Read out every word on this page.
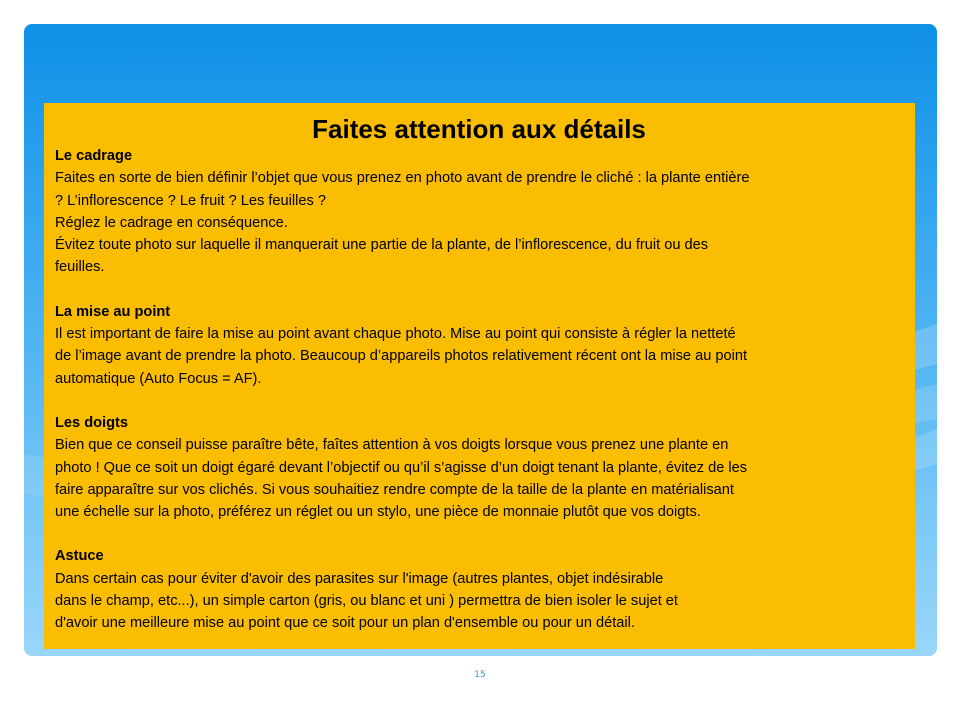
Faites attention aux détails
Le cadrage
Faites en sorte de bien définir l’objet que vous prenez en photo avant de prendre le cliché : la plante entière
? L’inflorescence ? Le fruit ? Les feuilles ?
Réglez le cadrage en conséquence.
Évitez toute photo sur laquelle il manquerait une partie de la plante, de l’inflorescence, du fruit ou des
feuilles.
La mise au point
Il est important de faire la mise au point avant chaque photo. Mise au point qui consiste à régler la netteté
de l’image avant de prendre la photo. Beaucoup d’appareils photos relativement récent ont la mise au point
automatique (Auto Focus = AF).
Les doigts
Bien que ce conseil puisse paraître bête, faîtes attention à vos doigts lorsque vous prenez une plante en
photo ! Que ce soit un doigt égaré devant l’objectif ou qu’il s’agisse d’un doigt tenant la plante, évitez de les
faire apparaître sur vos clichés. Si vous souhaitiez rendre compte de la taille de la plante en matérialisant
une échelle sur la photo, préférez un réglet ou un stylo, une pièce de monnaie plutôt que vos doigts.
Astuce
Dans certain cas pour éviter d'avoir des parasites sur l'image (autres plantes, objet indésirable
dans le champ, etc...), un simple carton (gris, ou blanc et uni ) permettra de bien isoler le sujet et
d'avoir une meilleure mise au point que ce soit pour un plan d'ensemble ou pour un détail.
15
